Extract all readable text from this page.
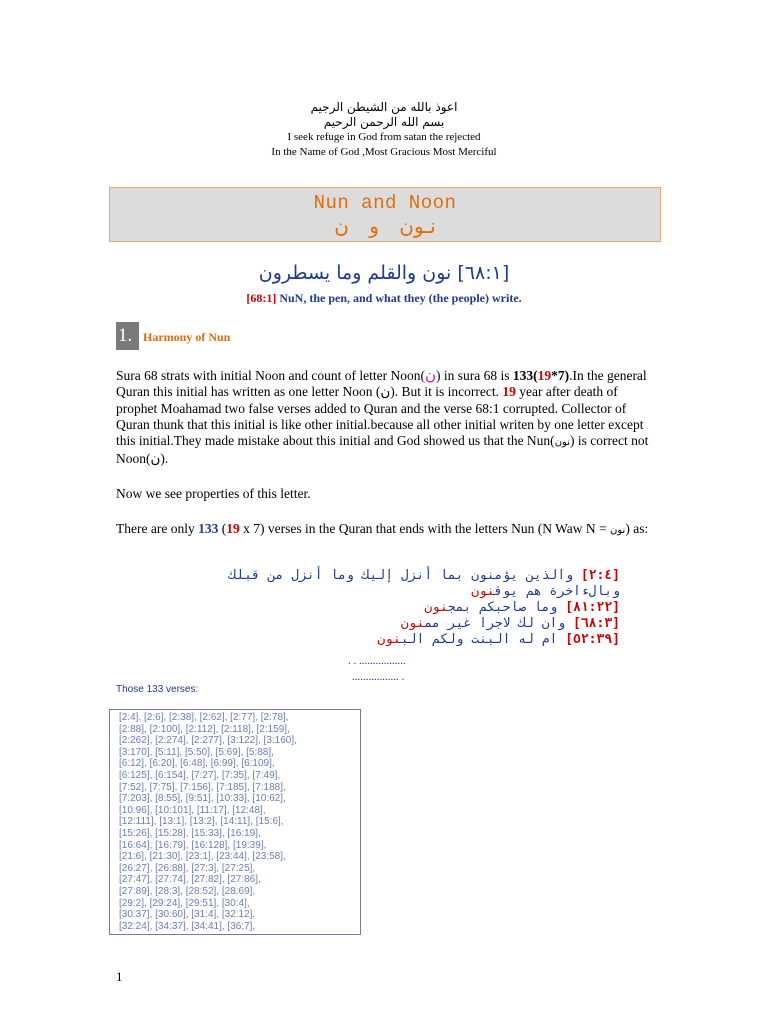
اعوذ بالله من الشيطن الرجيم
بسم الله الرحمن الرحيم
I seek refuge in God from satan the rejected
In the Name of God ,Most Gracious Most Merciful
Nun and Noon
نـون و ن
[٦٨:١] نون والقلم وما يسطرون
[68:1] NuN, the pen, and what they (the people) write.
1. Harmony of Nun
Sura 68 strats with initial Noon and count of letter Noon(ن) in sura 68 is 133(19*7).In the general Quran this initial has written as one letter Noon (ن). But it is incorrect. 19 year after death of prophet Moahamad two false verses added to Quran and the verse 68:1 corrupted. Collector of Quran thunk that this initial is like other initial.because all other initial writen by one letter except this initial.They made mistake about this initial and God showed us that the Nun(نون) is correct not Noon(ن).
Now we see properties of this letter.
There are only 133 (19 x 7) verses in the Quran that ends with the letters Nun (N Waw N = نون) as:
[٢:٤] والذين يؤمنون بما أنزل إليك وما أنزل من قبلك
وبالءاخرة هم يوقنون
[٨١:٢٢] وما صاحبكم بمجنون
[٦٨:٣] وان لك لاجرا غير ممنون
[٥٢:٣٩] ام له البنت ولكم البنون
. . .................
................. .
Those 133 verses:
[2:4], [2:6], [2:38], [2:62], [2:77], [2:78],
[2:88], [2:100], [2:112], [2:118], [2:159],
[2:262], [2:274], [2:277], [3:122], [3:160],
[3:170], [5:11], [5:50], [5:69], [5:88],
[6:12], [6:20], [6:48], [6:99], [6:109],
[6:125], [6:154], [7:27], [7:35], [7:49],
[7:52], [7:75], [7:156], [7:185], [7:188],
[7:203], [8:55], [9:51], [10:33], [10:62],
[10:96], [10:101], [11:17], [12:48],
[12:111], [13:1], [13:2], [14:11], [15:6],
[15:26], [15:28], [15:33], [16:19],
[16:64], [16:79], [16:128], [19:39],
[21:6], [21:30], [23:1], [23:44], [23:58],
[26:27], [26:88], [27:3], [27:25],
[27:47], [27:74], [27:82], [27:86],
[27:89], [28:3], [28:52], [28:69],
[29:2], [29:24], [29:51], [30:4],
[30:37], [30:60], [31:4], [32:12],
[32:24], [34:37], [34:41], [36:7],
1
